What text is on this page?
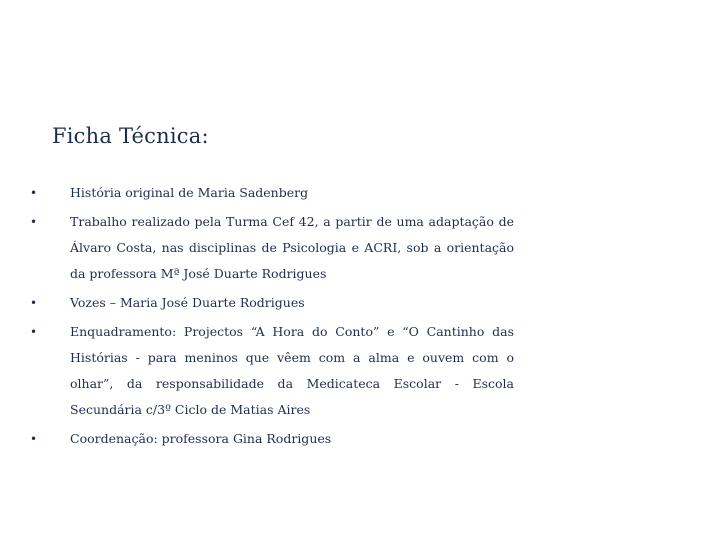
Ficha Técnica:
•	História original de Maria Sadenberg
•	Trabalho realizado pela Turma Cef 42, a partir de uma adaptação de Álvaro Costa, nas disciplinas de Psicologia e ACRI, sob a orientação da professora Mª José Duarte Rodrigues
•	Vozes – Maria José Duarte Rodrigues
•	Enquadramento: Projectos “A Hora do Conto” e “O Cantinho das Histórias - para meninos que vêem com a alma e ouvem com o olhar”, da responsabilidade da Medicateca Escolar - Escola Secundária c/3º Ciclo de Matias Aires
•	Coordenação: professora Gina Rodrigues
